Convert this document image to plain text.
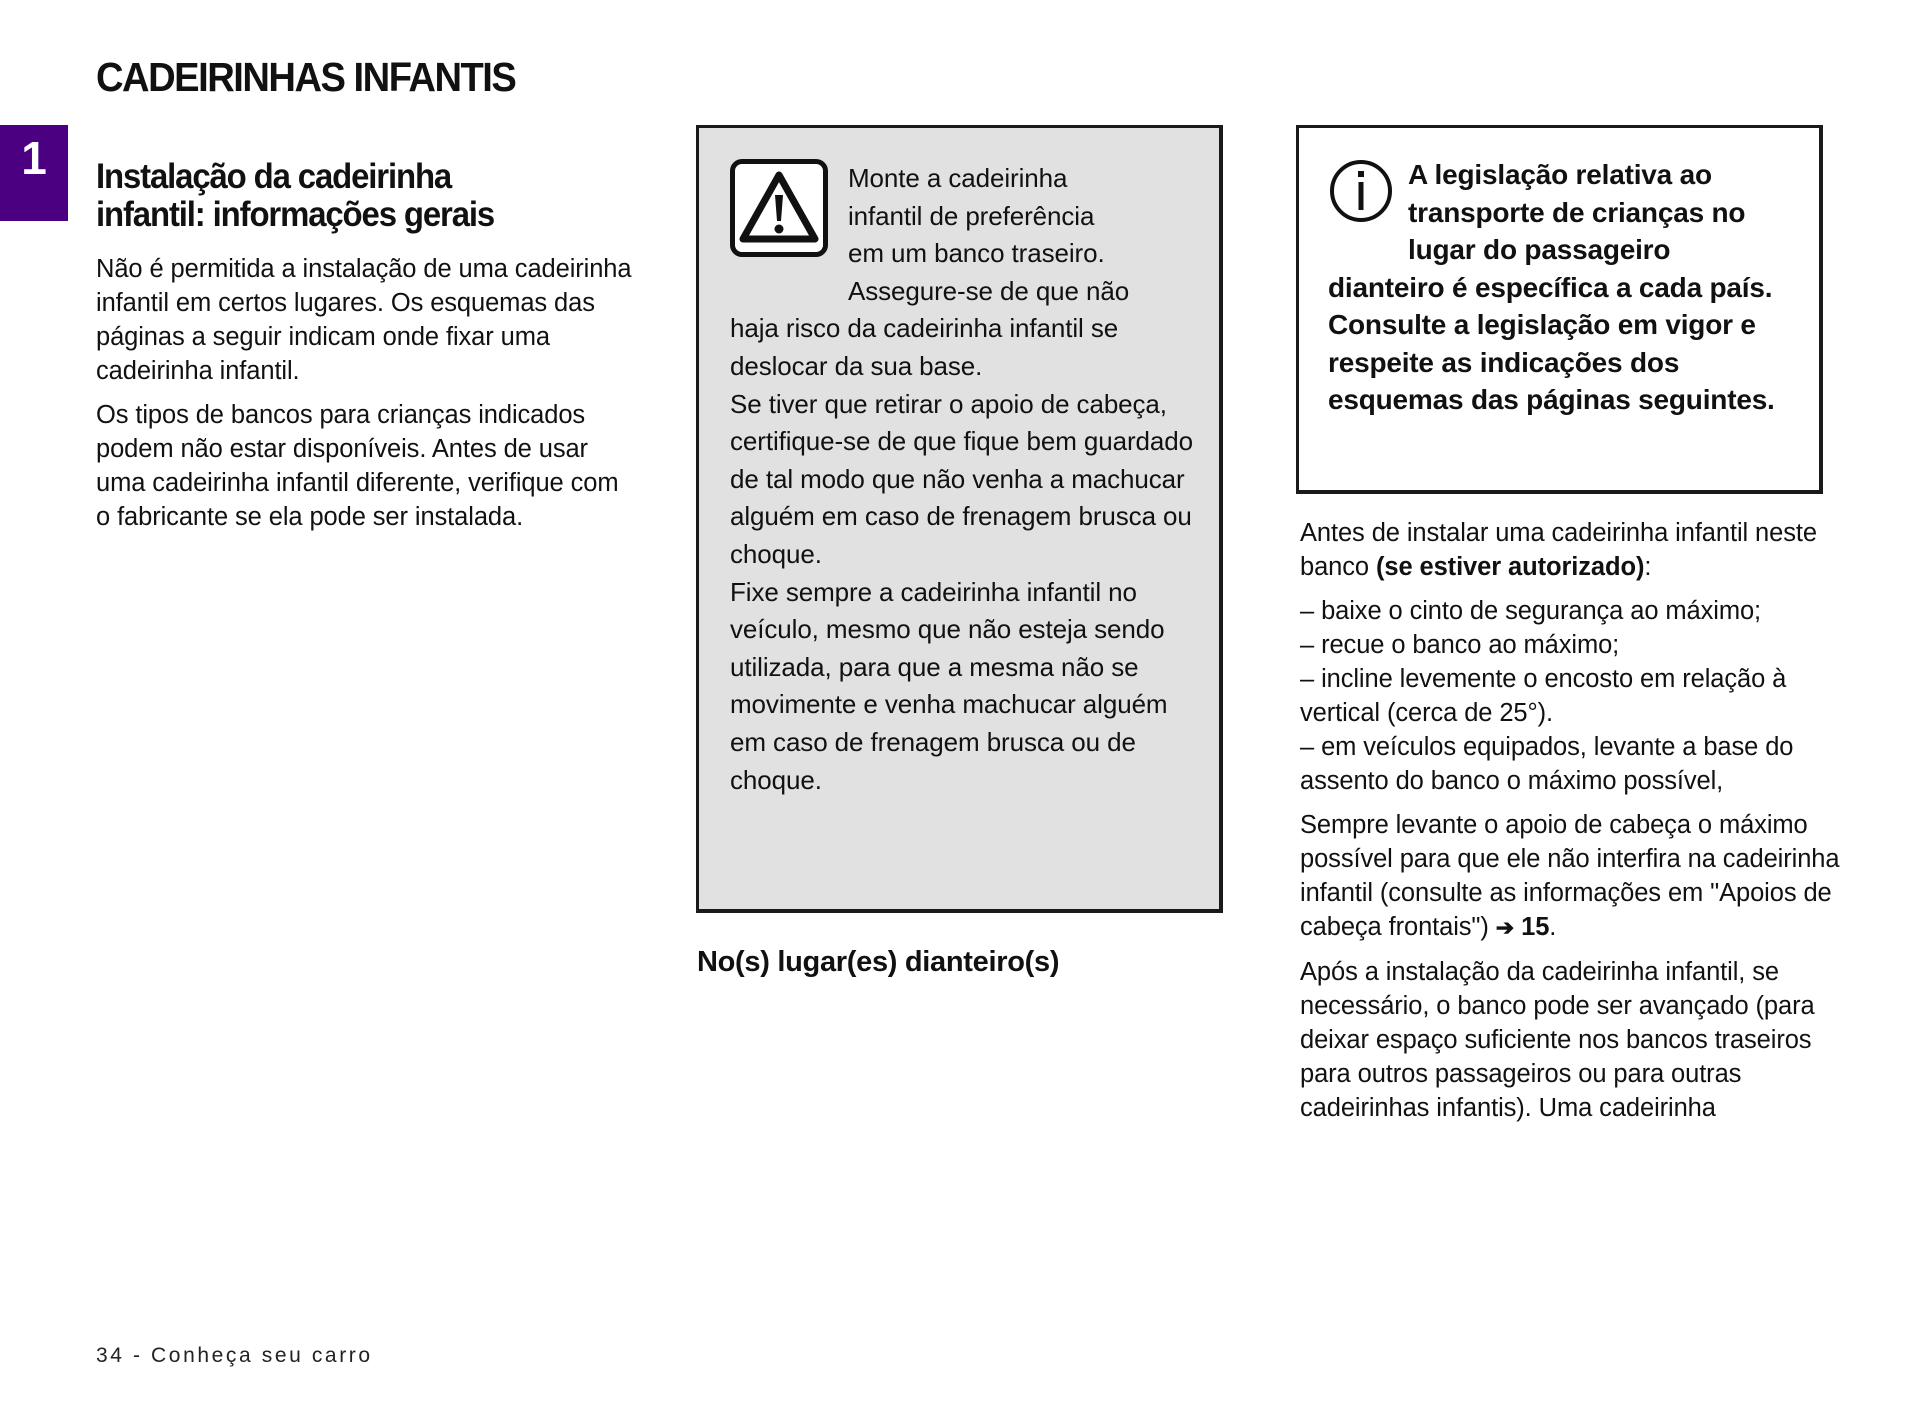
1
CADEIRINHAS INFANTIS
Instalação da cadeirinha
infantil: informações gerais

Não é permitida a instalação de uma cadeirinha infantil em certos lugares. Os esquemas das páginas a seguir indicam onde fixar uma cadeirinha infantil.

Os tipos de bancos para crianças indicados podem não estar disponíveis. Antes de usar uma cadeirinha infantil diferente, verifique com o fabricante se ela pode ser instalada.

Monte a cadeirinha
infantil de preferência
em um banco traseiro.
Assegure-se de que não
haja risco da cadeirinha infantil se deslocar da sua base.
Se tiver que retirar o apoio de cabeça, certifique-se de que fique bem guardado de tal modo que não venha a machucar alguém em caso de frenagem brusca ou choque.
Fixe sempre a cadeirinha infantil no veículo, mesmo que não esteja sendo utilizada, para que a mesma não se movimente e venha machucar alguém em caso de frenagem brusca ou de choque.
No(s) lugar(es) dianteiro(s)
A legislação relativa ao
transporte de crianças no
lugar do passageiro
dianteiro é específica a cada país. Consulte a legislação em vigor e respeite as indicações dos esquemas das páginas seguintes.

Antes de instalar uma cadeirinha infantil neste banco (se estiver autorizado):

– baixe o cinto de segurança ao máximo;
– recue o banco ao máximo;
– incline levemente o encosto em relação à vertical (cerca de 25°).
– em veículos equipados, levante a base do assento do banco o máximo possível,

Sempre levante o apoio de cabeça o máximo possível para que ele não interfira na cadeirinha infantil (consulte as informações em "Apoios de cabeça frontais") ➔ 15.

Após a instalação da cadeirinha infantil, se necessário, o banco pode ser avançado (para deixar espaço suficiente nos bancos traseiros para outros passageiros ou para outras cadeirinhas infantis). Uma cadeirinha

34 - Conheça seu carro
